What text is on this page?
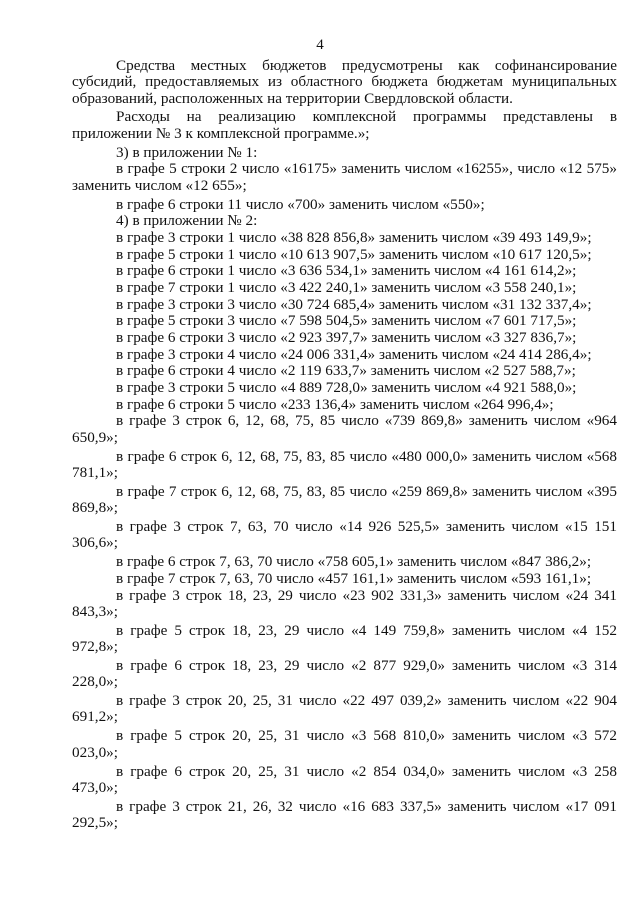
4

Средства местных бюджетов предусмотрены как софинансирование субсидий, предоставляемых из областного бюджета бюджетам муниципальных образований, расположенных на территории Свердловской области.

Расходы на реализацию комплексной программы представлены в приложении № 3 к комплексной программе.»;

3) в приложении № 1:

в графе 5 строки 2 число «16175» заменить числом «16255», число «12 575» заменить числом «12 655»;

в графе 6 строки 11 число «700» заменить числом «550»;

4) в приложении № 2:

в графе 3 строки 1 число «38 828 856,8» заменить числом «39 493 149,9»;

в графе 5 строки 1 число «10 613 907,5» заменить числом «10 617 120,5»;

в графе 6 строки 1 число «3 636 534,1» заменить числом «4 161 614,2»;

в графе 7 строки 1 число «3 422 240,1» заменить числом «3 558 240,1»;

в графе 3 строки 3 число «30 724 685,4» заменить числом «31 132 337,4»;

в графе 5 строки 3 число «7 598 504,5» заменить числом «7 601 717,5»;

в графе 6 строки 3 число «2 923 397,7» заменить числом «3 327 836,7»;

в графе 3 строки 4 число «24 006 331,4» заменить числом «24 414 286,4»;

в графе 6 строки 4 число «2 119 633,7» заменить числом «2 527 588,7»;

в графе 3 строки 5 число «4 889 728,0» заменить числом «4 921 588,0»;

в графе 6 строки 5 число «233 136,4» заменить числом «264 996,4»;

в графе 3 строк 6, 12, 68, 75, 85 число «739 869,8» заменить числом «964 650,9»;

в графе 6 строк 6, 12, 68, 75, 83, 85 число «480 000,0» заменить числом «568 781,1»;

в графе 7 строк 6, 12, 68, 75, 83, 85 число «259 869,8» заменить числом «395 869,8»;

в графе 3 строк 7, 63, 70 число «14 926 525,5» заменить числом «15 151 306,6»;

в графе 6 строк 7, 63, 70 число «758 605,1» заменить числом «847 386,2»;

в графе 7 строк 7, 63, 70 число «457 161,1» заменить числом «593 161,1»;

в графе 3 строк 18, 23, 29 число «23 902 331,3» заменить числом «24 341 843,3»;

в графе 5 строк 18, 23, 29 число «4 149 759,8» заменить числом «4 152 972,8»;

в графе 6 строк 18, 23, 29 число «2 877 929,0» заменить числом «3 314 228,0»;

в графе 3 строк 20, 25, 31 число «22 497 039,2» заменить числом «22 904 691,2»;

в графе 5 строк 20, 25, 31 число «3 568 810,0» заменить числом «3 572 023,0»;

в графе 6 строк 20, 25, 31 число «2 854 034,0» заменить числом «3 258 473,0»;

в графе 3 строк 21, 26, 32 число «16 683 337,5» заменить числом «17 091 292,5»;
